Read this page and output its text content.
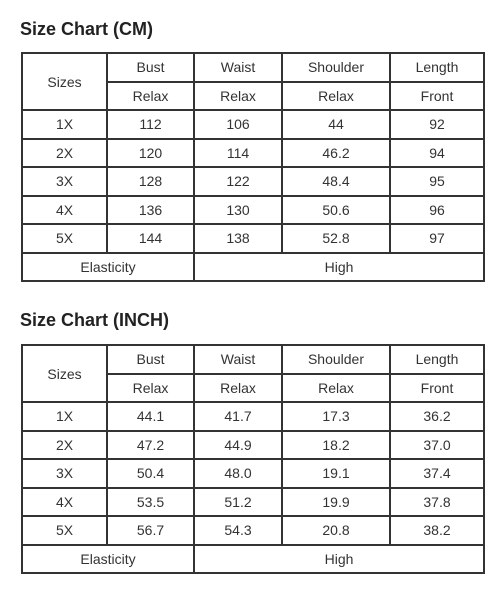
Size Chart (CM)
Sizes	Bust	Waist	Shoulder	Length
	Relax	Relax	Relax	Front
1X	112	106	44	92
2X	120	114	46.2	94
3X	128	122	48.4	95
4X	136	130	50.6	96
5X	144	138	52.8	97
Elasticity		High		
Size Chart (INCH)
Sizes	Bust	Waist	Shoulder	Length
	Relax	Relax	Relax	Front
1X	44.1	41.7	17.3	36.2
2X	47.2	44.9	18.2	37.0
3X	50.4	48.0	19.1	37.4
4X	53.5	51.2	19.9	37.8
5X	56.7	54.3	20.8	38.2
Elasticity		High		
